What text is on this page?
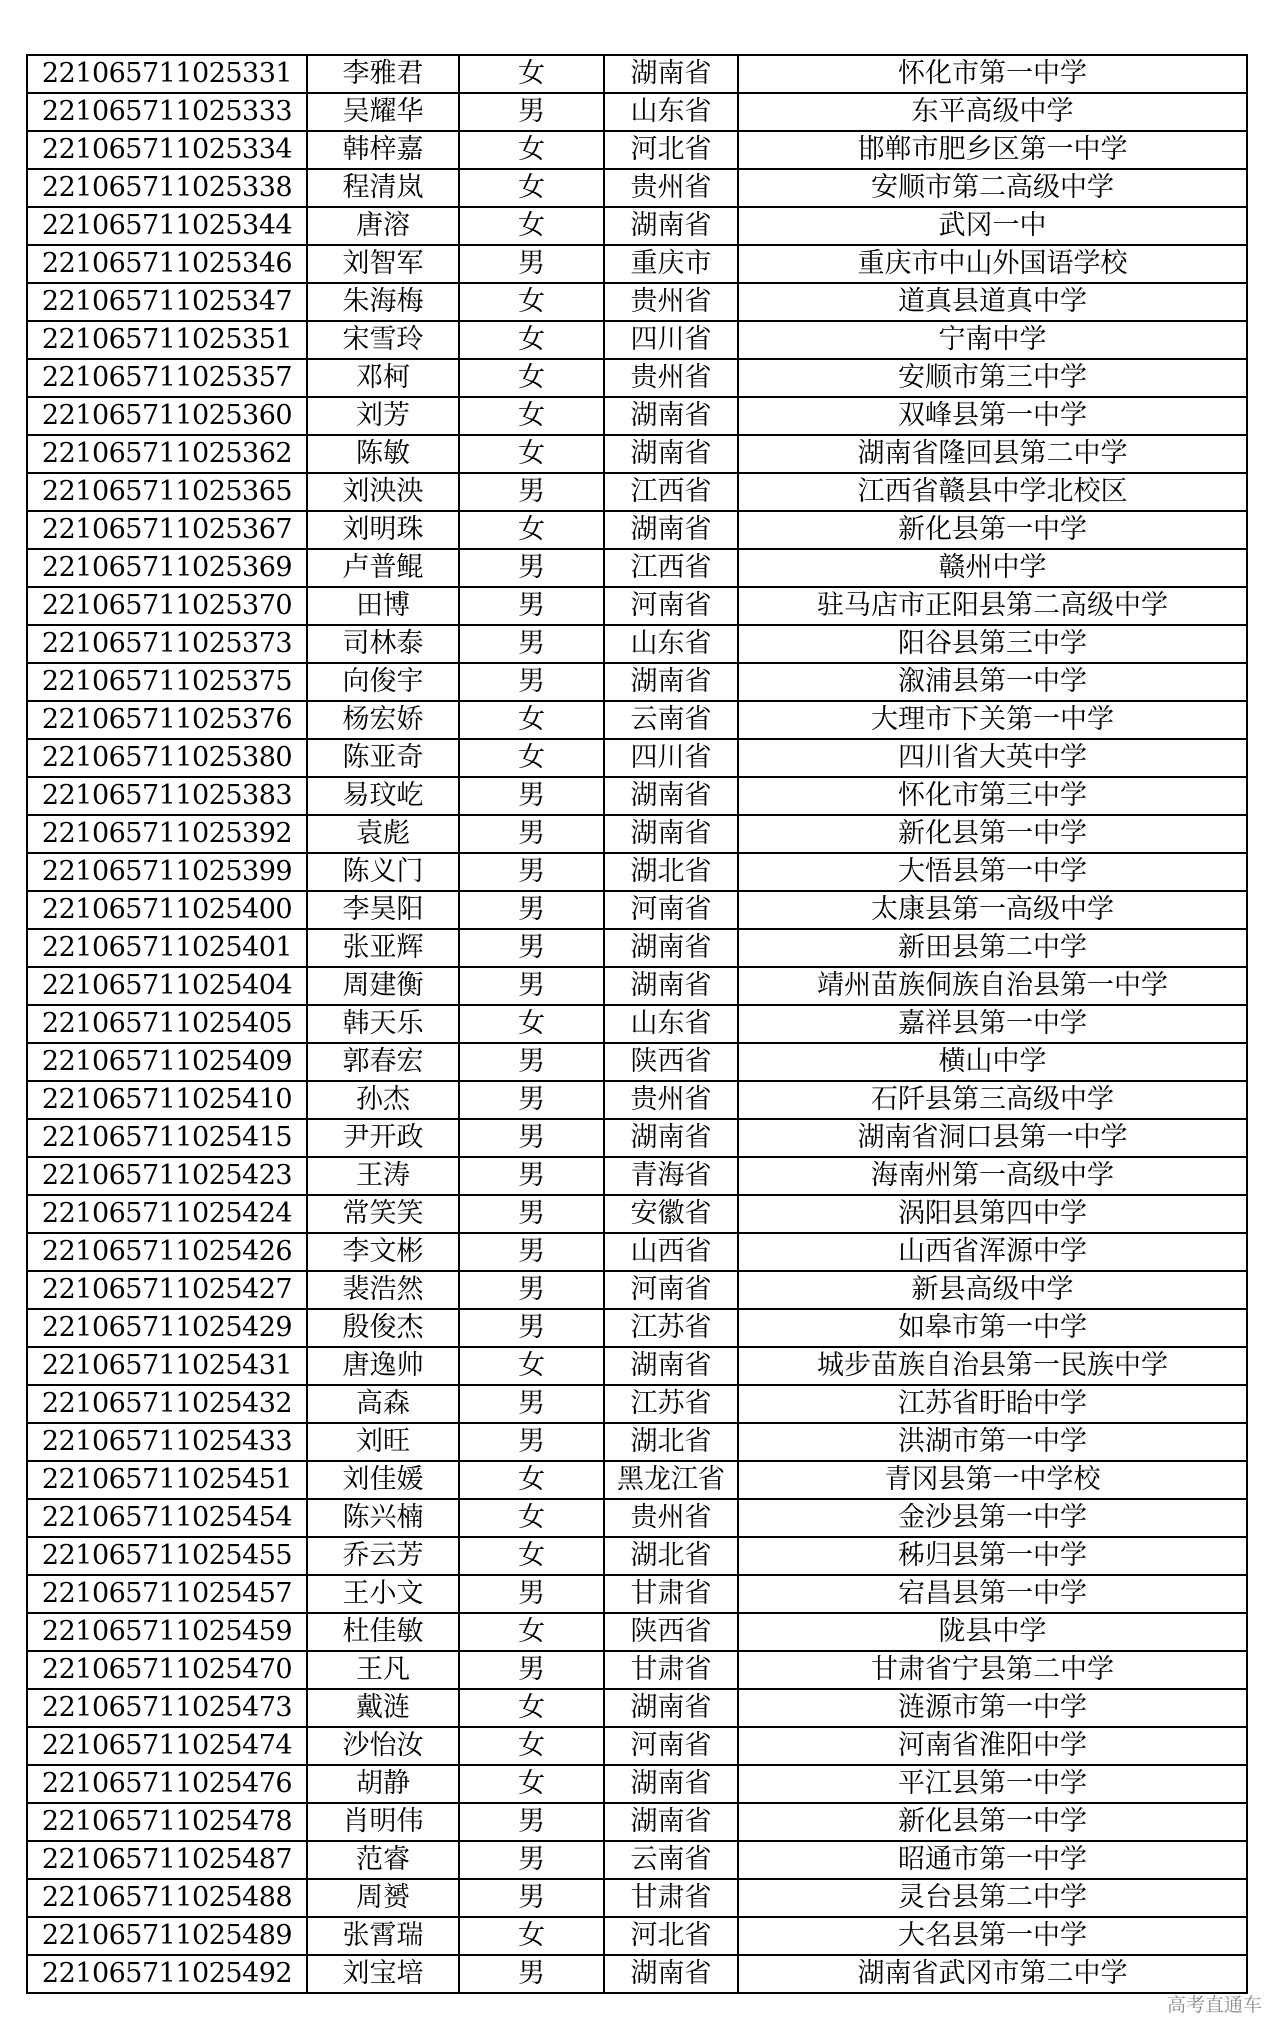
221065711025331	李雅君	女	湖南省	怀化市第一中学
221065711025333	吴耀华	男	山东省	东平高级中学
221065711025334	韩梓嘉	女	河北省	邯郸市肥乡区第一中学
221065711025338	程清岚	女	贵州省	安顺市第二高级中学
221065711025344	唐溶	女	湖南省	武冈一中
221065711025346	刘智军	男	重庆市	重庆市中山外国语学校
221065711025347	朱海梅	女	贵州省	道真县道真中学
221065711025351	宋雪玲	女	四川省	宁南中学
221065711025357	邓柯	女	贵州省	安顺市第三中学
221065711025360	刘芳	女	湖南省	双峰县第一中学
221065711025362	陈敏	女	湖南省	湖南省隆回县第二中学
221065711025365	刘泱泱	男	江西省	江西省赣县中学北校区
221065711025367	刘明珠	女	湖南省	新化县第一中学
221065711025369	卢普鲲	男	江西省	赣州中学
221065711025370	田博	男	河南省	驻马店市正阳县第二高级中学
221065711025373	司林泰	男	山东省	阳谷县第三中学
221065711025375	向俊宇	男	湖南省	溆浦县第一中学
221065711025376	杨宏娇	女	云南省	大理市下关第一中学
221065711025380	陈亚奇	女	四川省	四川省大英中学
221065711025383	易玟屹	男	湖南省	怀化市第三中学
221065711025392	袁彪	男	湖南省	新化县第一中学
221065711025399	陈义门	男	湖北省	大悟县第一中学
221065711025400	李昊阳	男	河南省	太康县第一高级中学
221065711025401	张亚辉	男	湖南省	新田县第二中学
221065711025404	周建衡	男	湖南省	靖州苗族侗族自治县第一中学
221065711025405	韩天乐	女	山东省	嘉祥县第一中学
221065711025409	郭春宏	男	陕西省	横山中学
221065711025410	孙杰	男	贵州省	石阡县第三高级中学
221065711025415	尹开政	男	湖南省	湖南省洞口县第一中学
221065711025423	王涛	男	青海省	海南州第一高级中学
221065711025424	常笑笑	男	安徽省	涡阳县第四中学
221065711025426	李文彬	男	山西省	山西省浑源中学
221065711025427	裴浩然	男	河南省	新县高级中学
221065711025429	殷俊杰	男	江苏省	如皋市第一中学
221065711025431	唐逸帅	女	湖南省	城步苗族自治县第一民族中学
221065711025432	高森	男	江苏省	江苏省盱眙中学
221065711025433	刘旺	男	湖北省	洪湖市第一中学
221065711025451	刘佳媛	女	黑龙江省	青冈县第一中学校
221065711025454	陈兴楠	女	贵州省	金沙县第一中学
221065711025455	乔云芳	女	湖北省	秭归县第一中学
221065711025457	王小文	男	甘肃省	宕昌县第一中学
221065711025459	杜佳敏	女	陕西省	陇县中学
221065711025470	王凡	男	甘肃省	甘肃省宁县第二中学
221065711025473	戴涟	女	湖南省	涟源市第一中学
221065711025474	沙怡汝	女	河南省	河南省淮阳中学
221065711025476	胡静	女	湖南省	平江县第一中学
221065711025478	肖明伟	男	湖南省	新化县第一中学
221065711025487	范睿	男	云南省	昭通市第一中学
221065711025488	周赟	男	甘肃省	灵台县第二中学
221065711025489	张霄瑞	女	河北省	大名县第一中学
221065711025492	刘宝培	男	湖南省	湖南省武冈市第二中学
高考直通车
